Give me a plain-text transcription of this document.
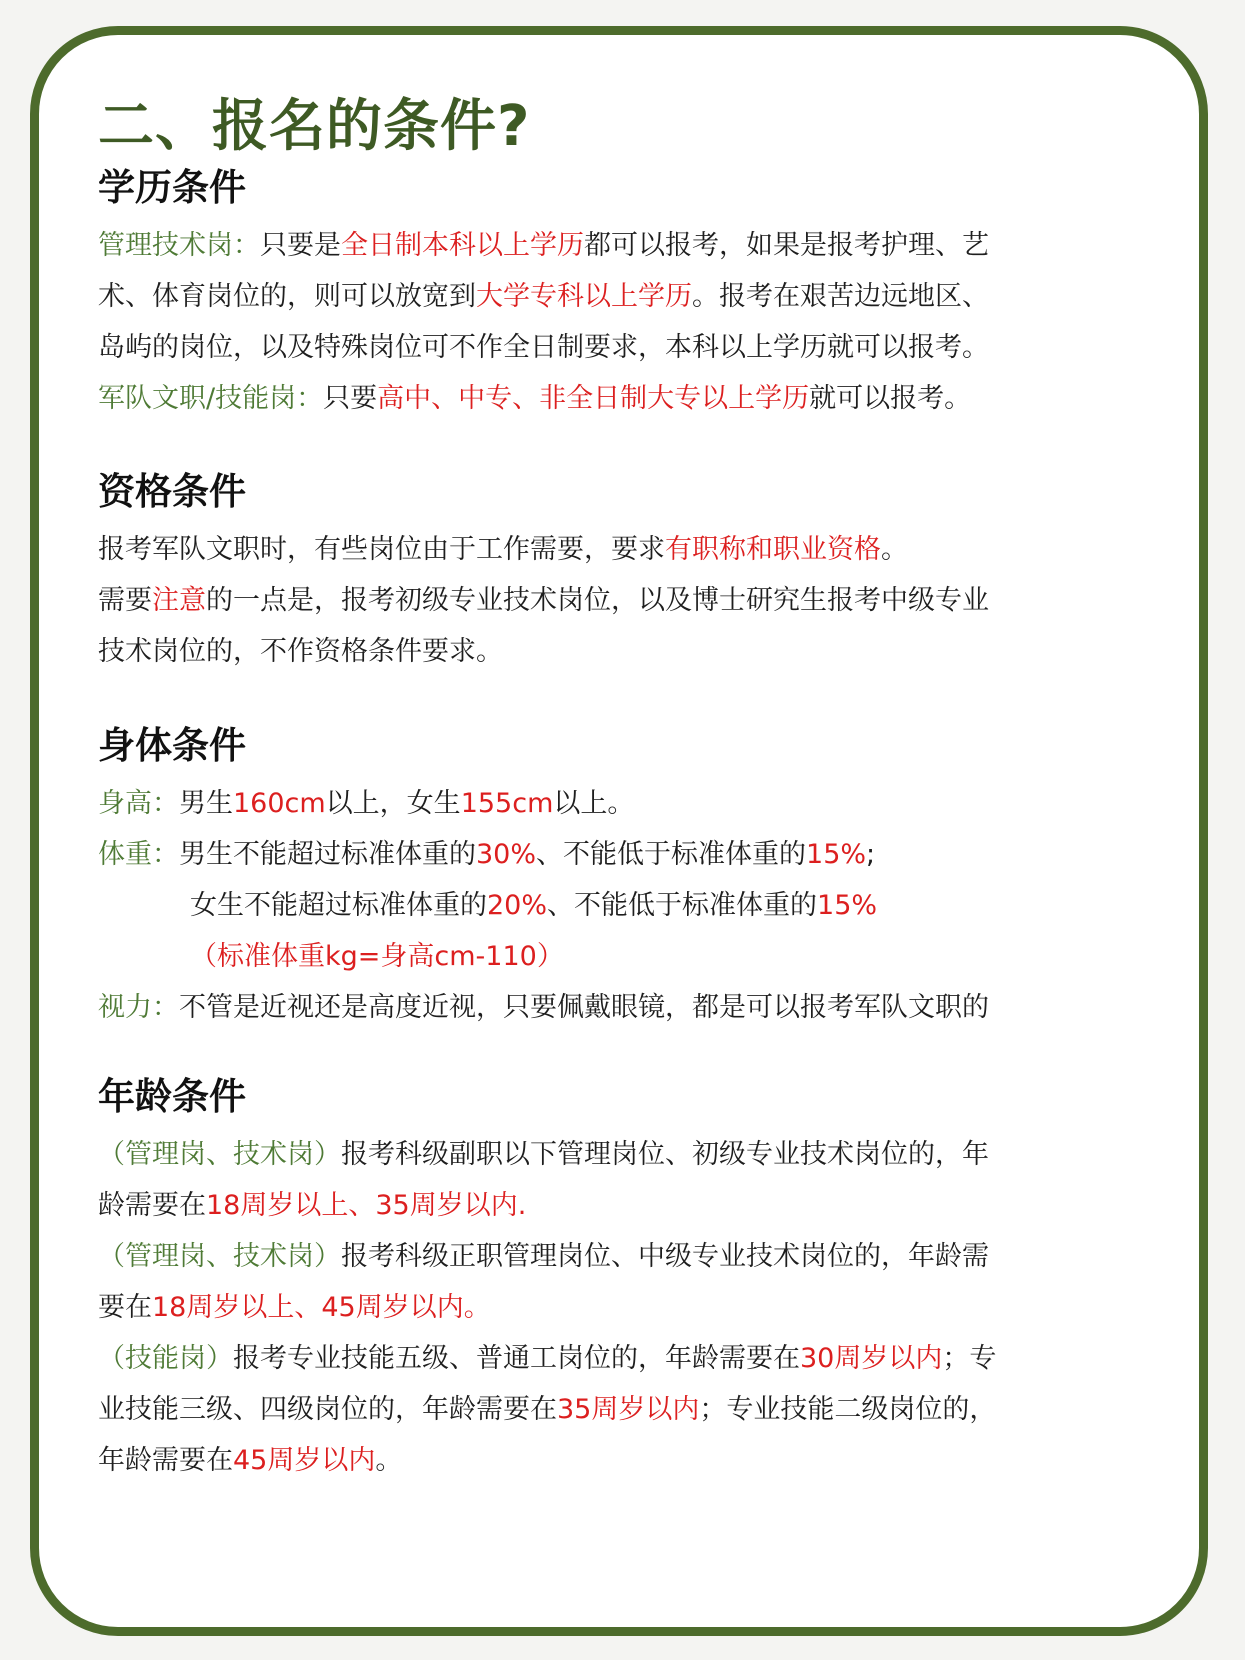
二、报名的条件?
学历条件

管理技术岗：只要是全日制本科以上学历都可以报考，如果是报考护理、艺

术、体育岗位的，则可以放宽到大学专科以上学历。报考在艰苦边远地区、

岛屿的岗位，以及特殊岗位可不作全日制要求，本科以上学历就可以报考。

军队文职/技能岗：只要高中、中专、非全日制大专以上学历就可以报考。

资格条件

报考军队文职时，有些岗位由于工作需要，要求有职称和职业资格。

需要注意的一点是，报考初级专业技术岗位，以及博士研究生报考中级专业

技术岗位的，不作资格条件要求。

身体条件

身高：男生160cm以上，女生155cm以上。

体重：男生不能超过标准体重的30%、不能低于标准体重的15%;

女生不能超过标准体重的20%、不能低于标准体重的15%

（标准体重kg=身高cm-110）

视力：不管是近视还是高度近视，只要佩戴眼镜，都是可以报考军队文职的

年龄条件

（管理岗、技术岗）报考科级副职以下管理岗位、初级专业技术岗位的，年

龄需要在18周岁以上、35周岁以内.

（管理岗、技术岗）报考科级正职管理岗位、中级专业技术岗位的，年龄需

要在18周岁以上、45周岁以内。

（技能岗）报考专业技能五级、普通工岗位的，年龄需要在30周岁以内；专

业技能三级、四级岗位的，年龄需要在35周岁以内；专业技能二级岗位的，

年龄需要在45周岁以内。
